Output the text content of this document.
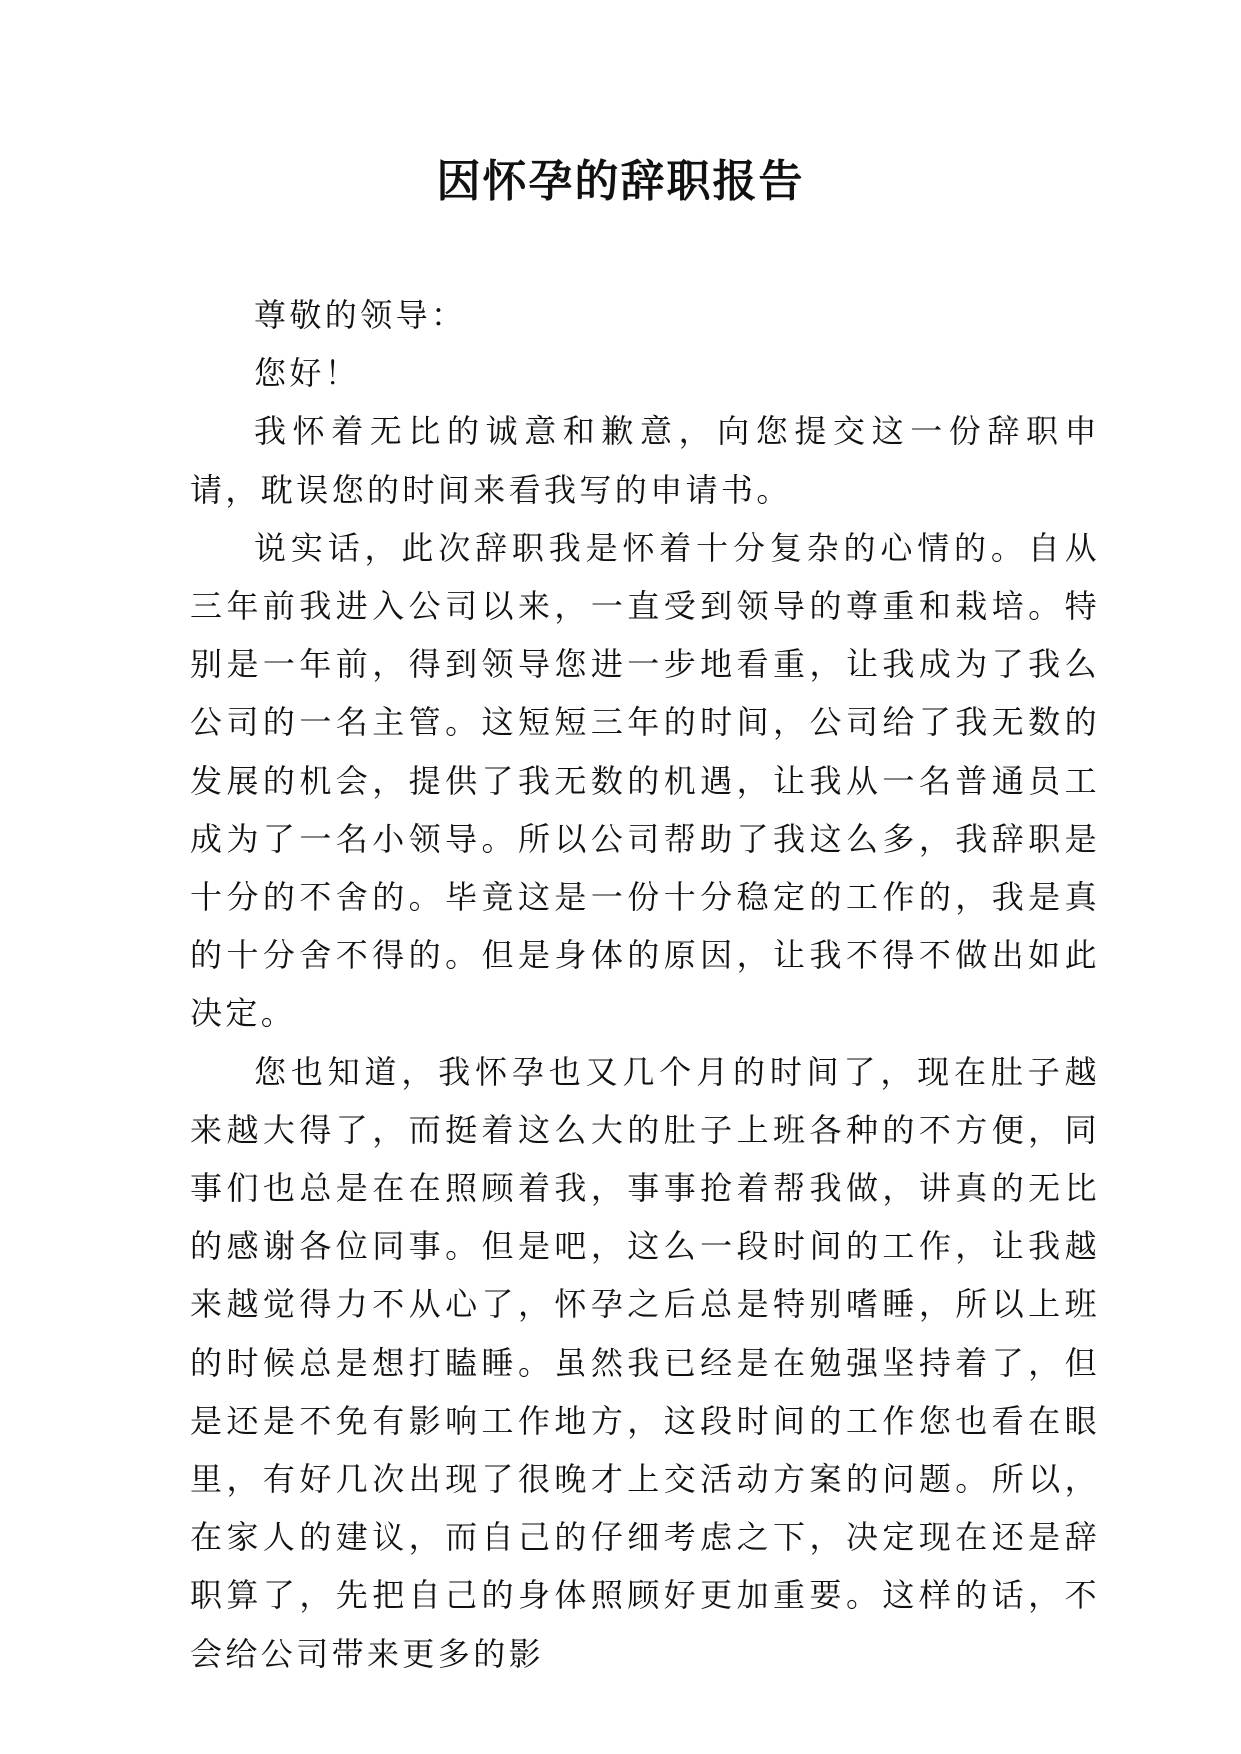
因怀孕的辞职报告

尊敬的领导：

您好！

我怀着无比的诚意和歉意，向您提交这一份辞职申请，耽误您的时间来看我写的申请书。

说实话，此次辞职我是怀着十分复杂的心情的。自从三年前我进入公司以来，一直受到领导的尊重和栽培。特别是一年前，得到领导您进一步地看重，让我成为了我么公司的一名主管。这短短三年的时间，公司给了我无数的发展的机会，提供了我无数的机遇，让我从一名普通员工成为了一名小领导。所以公司帮助了我这么多，我辞职是十分的不舍的。毕竟这是一份十分稳定的工作的，我是真的十分舍不得的。但是身体的原因，让我不得不做出如此决定。

您也知道，我怀孕也又几个月的时间了，现在肚子越来越大得了，而挺着这么大的肚子上班各种的不方便，同事们也总是在在照顾着我，事事抢着帮我做，讲真的无比的感谢各位同事。但是吧，这么一段时间的工作，让我越来越觉得力不从心了，怀孕之后总是特别嗜睡，所以上班的时候总是想打瞌睡。虽然我已经是在勉强坚持着了，但是还是不免有影响工作地方，这段时间的工作您也看在眼里，有好几次出现了很晚才上交活动方案的问题。所以，在家人的建议，而自己的仔细考虑之下，决定现在还是辞职算了，先把自己的身体照顾好更加重要。这样的话，不会给公司带来更多的影
